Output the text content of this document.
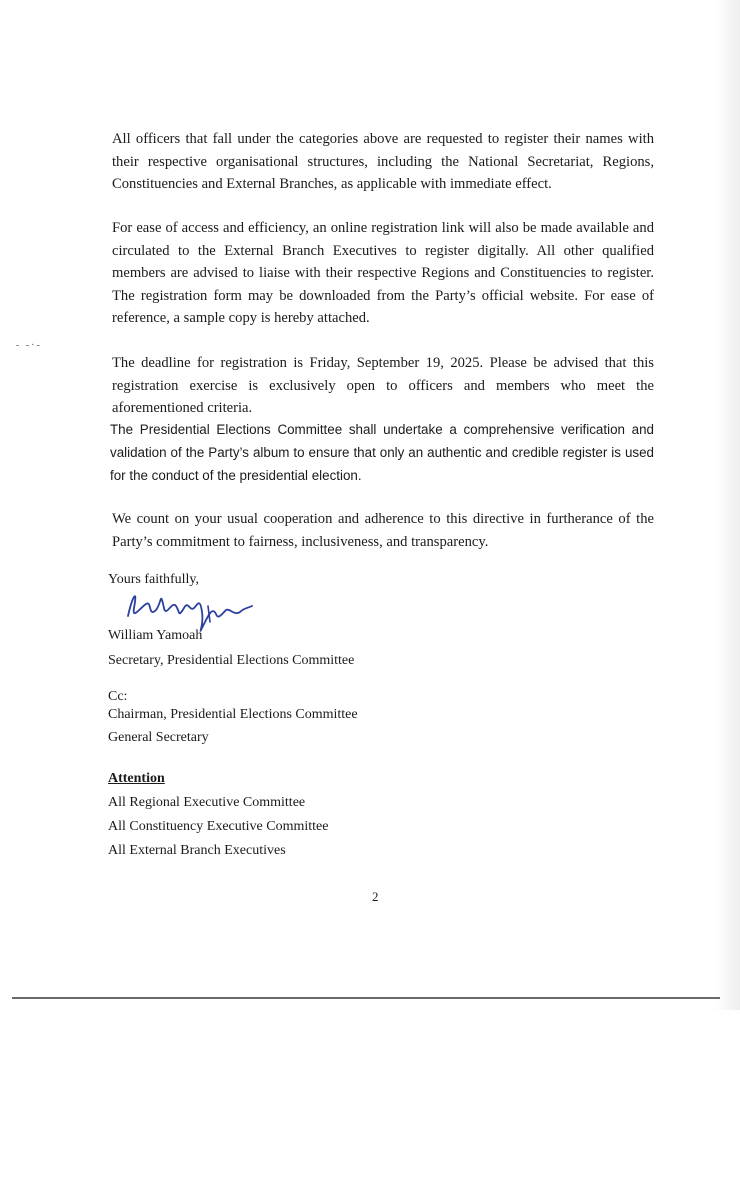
- -·-

All officers that fall under the categories above are requested to register their names with their respective organisational structures, including the National Secretariat, Regions, Constituencies and External Branches, as applicable with immediate effect.

For ease of access and efficiency, an online registration link will also be made available and circulated to the External Branch Executives to register digitally. All other qualified members are advised to liaise with their respective Regions and Constituencies to register. The registration form may be downloaded from the Party’s official website. For ease of reference, a sample copy is hereby attached.

The deadline for registration is Friday, September 19, 2025. Please be advised that this registration exercise is exclusively open to officers and members who meet the aforementioned criteria.

The Presidential Elections Committee shall undertake a comprehensive verification and validation of the Party’s album to ensure that only an authentic and credible register is used for the conduct of the presidential election.

We count on your usual cooperation and adherence to this directive in furtherance of the Party’s commitment to fairness, inclusiveness, and transparency.

Yours faithfully,
William Yamoah
Secretary, Presidential Elections Committee
Cc:
Chairman, Presidential Elections Committee
General Secretary
Attention
All Regional Executive Committee
All Constituency Executive Committee
All External Branch Executives
2
